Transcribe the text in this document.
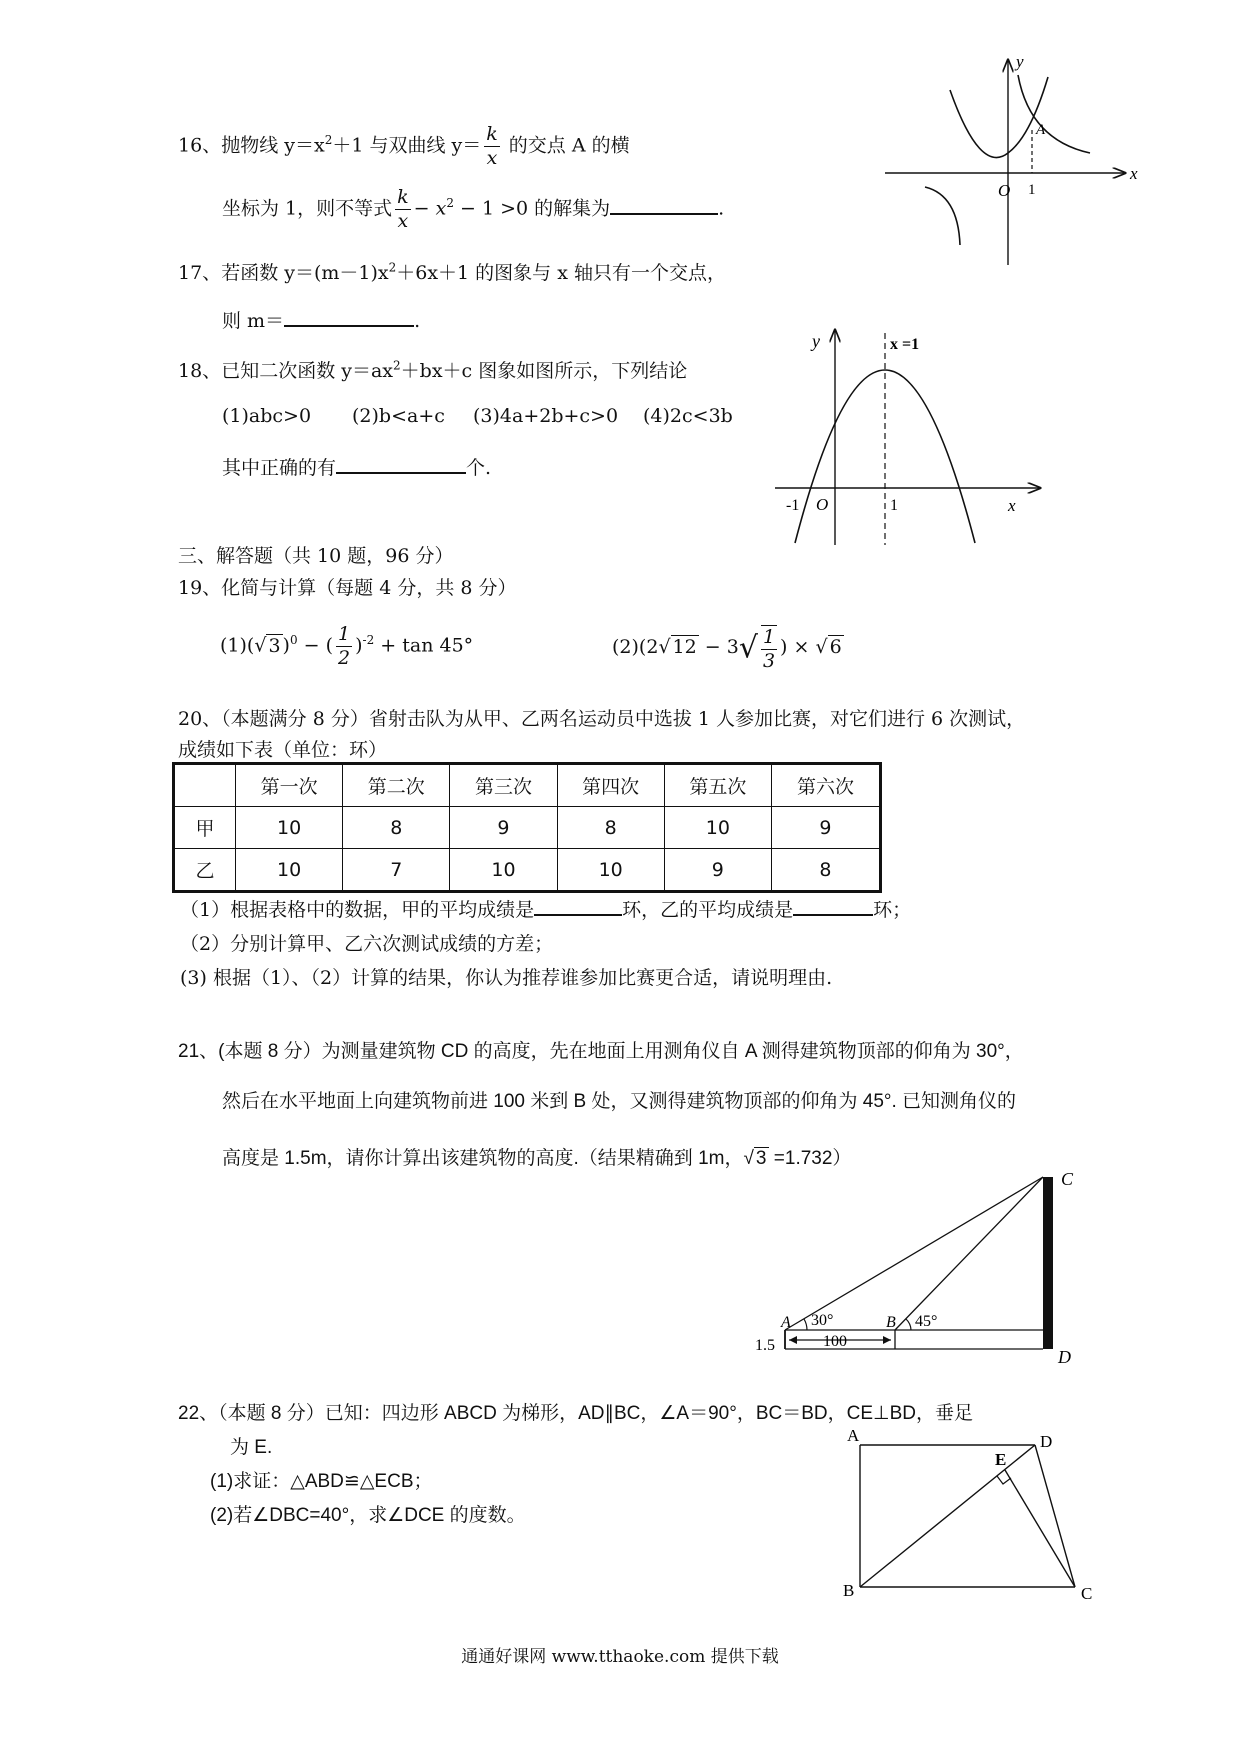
16、抛物线 $y=x^2+1$ 与双曲线 $y= \frac{k}{x}$ 的交点 A 的横
坐标为 1，则不等式 $\frac{k}{x} - x^2 - 1 >0$ 的解集为	.
y
x
O 1
A
17、若函数 $y=(m-1)x^2+6x+1$ 的图象与 x 轴只有一个交点，
则 m＝	.
18、已知二次函数 $y=ax^2+bx+c$ 图象如图所示，下列结论
(1)abc>0 (2)b<a+c (3)4a+2b+c>0 (4)2c<3b
其中正确的有	个.
y	x =1
-1 O	1	x
三、解答题（共 10 题，96 分）
19、化简与计算（每题 4 分，共 8 分）
(1)(√ 3 )$^0$ − ( $\frac{1}{2} )^{-2} + \tan 45^\circ$	(2)(2√ $12 - 3√ \frac{1}{3}$ ) × √ 6
20、（本题满分 8 分）省射击队为从甲、乙两名运动员中选拔 1 人参加比赛，对它们进行 6 次测试，
成绩如下表（单位：环）
	第一次	第二次	第三次	第四次	第五次	第六次
甲	10	8	9	8	10	9
乙	10	7	10	10	9	8
（1）根据表格中的数据，甲的平均成绩是	环，乙的平均成绩是	环；
（2）分别计算甲、乙六次测试成绩的方差；
(3) 根据（1）、（2）计算的结果，你认为推荐谁参加比赛更合适，请说明理由.
21、(本题 8 分）为测量建筑物 CD 的高度，先在地面上用测角仪自 A 测得建筑物顶部的仰角为 30°，
然后在水平地面上向建筑物前进 100 米到 B 处，又测得建筑物顶部的仰角为 45°. 已知测角仪的
高度是 1.5m，请你计算出该建筑物的高度.（结果精确到 1m，√ 3 =1.732）
C
D
A	B
30°	45°
100
1.5
22、（本题 8 分）已知：四边形 ABCD 为梯形，AD∥BC，∠A＝90°，BC＝BD，CE⊥BD，垂足
为 E.
(1)求证：△ABD≌△ECB；
(2)若∠DBC=40°，求∠DCE 的度数。
A	D
B	C
E
通通好课网 www.tthaoke.com 提供下载
